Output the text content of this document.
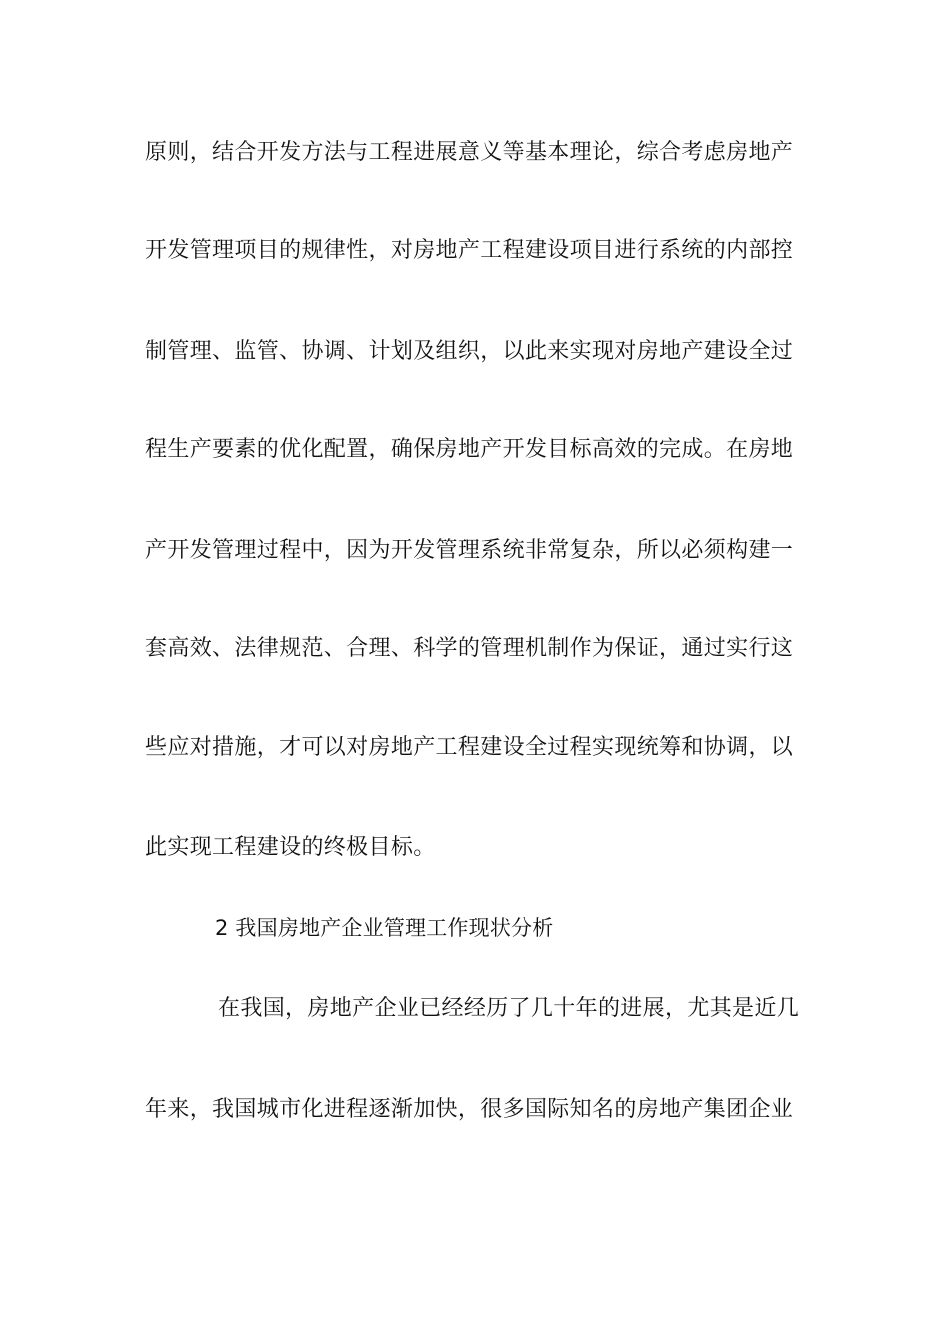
原则，结合开发方法与工程进展意义等基本理论，综合考虑房地产
开发管理项目的规律性，对房地产工程建设项目进行系统的内部控
制管理、监管、协调、计划及组织，以此来实现对房地产建设全过
程生产要素的优化配置，确保房地产开发目标高效的完成。在房地
产开发管理过程中，因为开发管理系统非常复杂，所以必须构建一
套高效、法律规范、合理、科学的管理机制作为保证，通过实行这
些应对措施，才可以对房地产工程建设全过程实现统筹和协调，以
此实现工程建设的终极目标。
2 我国房地产企业管理工作现状分析
在我国，房地产企业已经经历了几十年的进展，尤其是近几
年来，我国城市化进程逐渐加快，很多国际知名的房地产集团企业
